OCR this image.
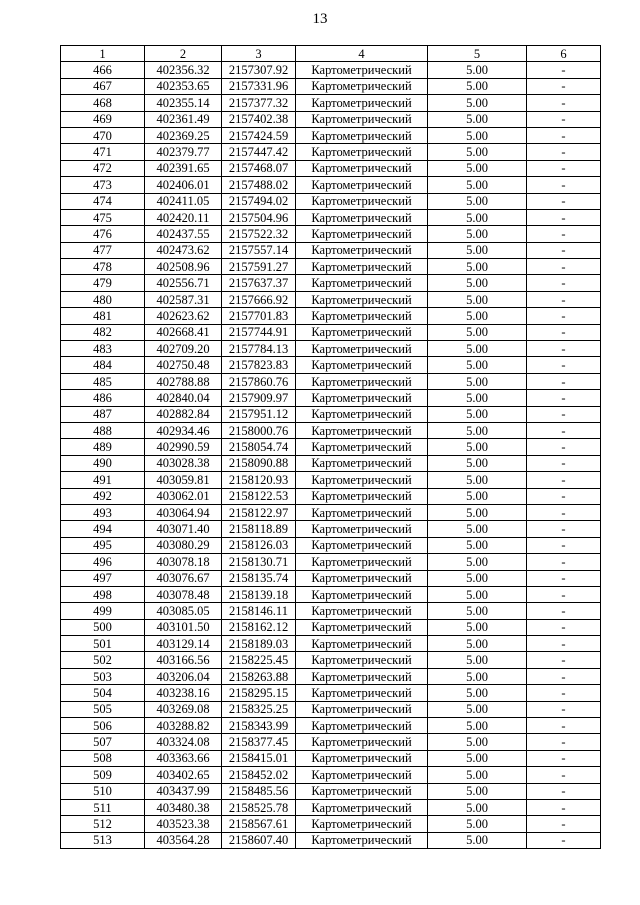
13
1	2	3	4	5	6
466	402356.32	2157307.92	Картометрический	5.00	-
467	402353.65	2157331.96	Картометрический	5.00	-
468	402355.14	2157377.32	Картометрический	5.00	-
469	402361.49	2157402.38	Картометрический	5.00	-
470	402369.25	2157424.59	Картометрический	5.00	-
471	402379.77	2157447.42	Картометрический	5.00	-
472	402391.65	2157468.07	Картометрический	5.00	-
473	402406.01	2157488.02	Картометрический	5.00	-
474	402411.05	2157494.02	Картометрический	5.00	-
475	402420.11	2157504.96	Картометрический	5.00	-
476	402437.55	2157522.32	Картометрический	5.00	-
477	402473.62	2157557.14	Картометрический	5.00	-
478	402508.96	2157591.27	Картометрический	5.00	-
479	402556.71	2157637.37	Картометрический	5.00	-
480	402587.31	2157666.92	Картометрический	5.00	-
481	402623.62	2157701.83	Картометрический	5.00	-
482	402668.41	2157744.91	Картометрический	5.00	-
483	402709.20	2157784.13	Картометрический	5.00	-
484	402750.48	2157823.83	Картометрический	5.00	-
485	402788.88	2157860.76	Картометрический	5.00	-
486	402840.04	2157909.97	Картометрический	5.00	-
487	402882.84	2157951.12	Картометрический	5.00	-
488	402934.46	2158000.76	Картометрический	5.00	-
489	402990.59	2158054.74	Картометрический	5.00	-
490	403028.38	2158090.88	Картометрический	5.00	-
491	403059.81	2158120.93	Картометрический	5.00	-
492	403062.01	2158122.53	Картометрический	5.00	-
493	403064.94	2158122.97	Картометрический	5.00	-
494	403071.40	2158118.89	Картометрический	5.00	-
495	403080.29	2158126.03	Картометрический	5.00	-
496	403078.18	2158130.71	Картометрический	5.00	-
497	403076.67	2158135.74	Картометрический	5.00	-
498	403078.48	2158139.18	Картометрический	5.00	-
499	403085.05	2158146.11	Картометрический	5.00	-
500	403101.50	2158162.12	Картометрический	5.00	-
501	403129.14	2158189.03	Картометрический	5.00	-
502	403166.56	2158225.45	Картометрический	5.00	-
503	403206.04	2158263.88	Картометрический	5.00	-
504	403238.16	2158295.15	Картометрический	5.00	-
505	403269.08	2158325.25	Картометрический	5.00	-
506	403288.82	2158343.99	Картометрический	5.00	-
507	403324.08	2158377.45	Картометрический	5.00	-
508	403363.66	2158415.01	Картометрический	5.00	-
509	403402.65	2158452.02	Картометрический	5.00	-
510	403437.99	2158485.56	Картометрический	5.00	-
511	403480.38	2158525.78	Картометрический	5.00	-
512	403523.38	2158567.61	Картометрический	5.00	-
513	403564.28	2158607.40	Картометрический	5.00	-
